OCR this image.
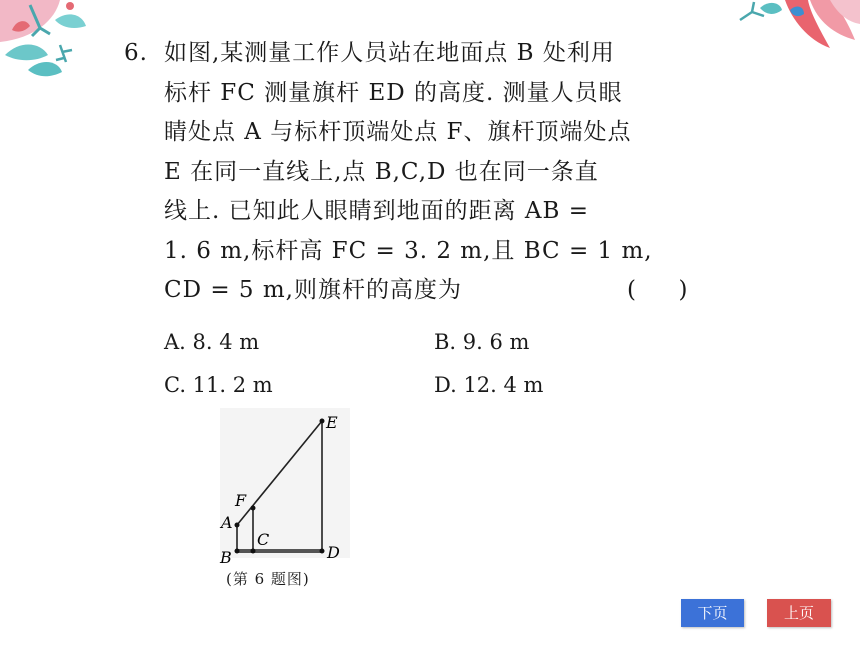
6. 如图,某测量工作人员站在地面点 B 处利用
标杆 FC 测量旗杆 ED 的高度. 测量人员眼
睛处点 A 与标杆顶端处点 F、旗杆顶端处点
E 在同一直线上,点 B,C,D 也在同一条直
线上. 已知此人眼睛到地面的距离 AB =
1. 6 m,标杆高 FC = 3. 2 m,且 BC = 1 m,
CD = 5 m,则旗杆的高度为	(     )
A. 8. 4 m	B. 9. 6 m
C. 11. 2 m	D. 12. 4 m
E
F
A
C
B	D
(第 6 题图)
下页	上页
